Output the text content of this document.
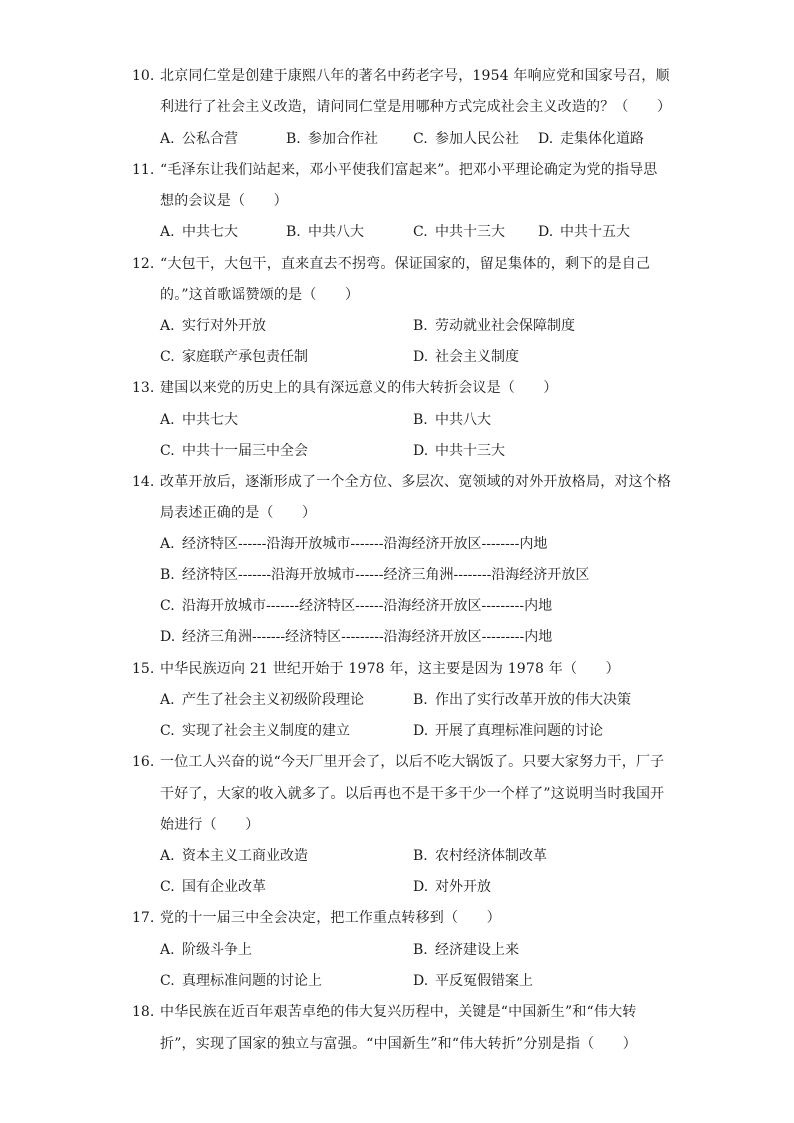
10. 北京同仁堂是创建于康熙八年的著名中药老字号，1954 年响应党和国家号召，顺
利进行了社会主义改造，请问同仁堂是用哪种方式完成社会主义改造的？（　　）
A. 公私合营	B. 参加合作社	C. 参加人民公社 D. 走集体化道路
11. “毛泽东让我们站起来，邓小平使我们富起来”。把邓小平理论确定为党的指导思
想的会议是（　　）
A. 中共七大	B. 中共八大	C. 中共十三大 D. 中共十五大
12. “大包干，大包干，直来直去不拐弯。保证国家的，留足集体的，剩下的是自己
的。”这首歌谣赞颂的是（　　）
A. 实行对外开放	B. 劳动就业社会保障制度
C. 家庭联产承包责任制	D. 社会主义制度
13. 建国以来党的历史上的具有深远意义的伟大转折会议是（　　）
A. 中共七大	B. 中共八大
C. 中共十一届三中全会	D. 中共十三大
14. 改革开放后，逐渐形成了一个全方位、多层次、宽领域的对外开放格局，对这个格
局表述正确的是（　　）
A. 经济特区------沿海开放城市-------沿海经济开放区--------内地
B. 经济特区-------沿海开放城市------经济三角洲--------沿海经济开放区
C. 沿海开放城市-------经济特区------沿海经济开放区---------内地
D. 经济三角洲-------经济特区---------沿海经济开放区---------内地
15. 中华民族迈向 21 世纪开始于 1978 年，这主要是因为 1978 年（　　）
A. 产生了社会主义初级阶段理论	B. 作出了实行改革开放的伟大决策
C. 实现了社会主义制度的建立	D. 开展了真理标准问题的讨论
16. 一位工人兴奋的说“今天厂里开会了，以后不吃大锅饭了。只要大家努力干，厂子
干好了，大家的收入就多了。以后再也不是干多干少一个样了”这说明当时我国开
始进行（　　）
A. 资本主义工商业改造	B. 农村经济体制改革
C. 国有企业改革	D. 对外开放
17. 党的十一届三中全会决定，把工作重点转移到（　　）
A. 阶级斗争上	B. 经济建设上来
C. 真理标准问题的讨论上	D. 平反冤假错案上
18. 中华民族在近百年艰苦卓绝的伟大复兴历程中，关键是“中国新生”和“伟大转
折”，实现了国家的独立与富强。“中国新生”和“伟大转折”分别是指（　　）
